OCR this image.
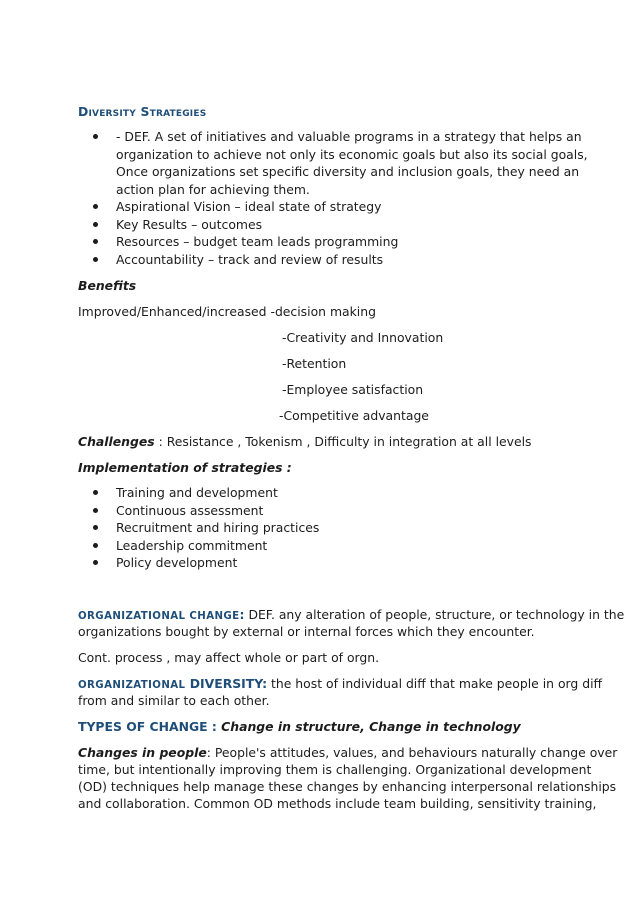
Diversity Strategies
- DEF. A set of initiatives and valuable programs in a strategy that helps an
organization to achieve not only its economic goals but also its social goals,
Once organizations set specific diversity and inclusion goals, they need an
action plan for achieving them.
Aspirational Vision – ideal state of strategy
Key Results – outcomes
Resources – budget team leads programming
Accountability – track and review of results
Benefits
Improved/Enhanced/increased -decision making
-Creativity and Innovation
-Retention
-Employee satisfaction
-Competitive advantage
Challenges : Resistance , Tokenism , Difficulty in integration at all levels
Implementation of strategies :
Training and development
Continuous assessment
Recruitment and hiring practices
Leadership commitment
Policy development
ORGANIZATIONAL CHANGE: DEF. any alteration of people, structure, or technology in the
organizations bought by external or internal forces which they encounter.
Cont. process , may affect whole or part of orgn.
ORGANIZATIONAL DIVERSITY: the host of individual diff that make people in org diff
from and similar to each other.
TYPES OF CHANGE : Change in structure, Change in technology
Changes in people: People's attitudes, values, and behaviours naturally change over
time, but intentionally improving them is challenging. Organizational development
(OD) techniques help manage these changes by enhancing interpersonal relationships
and collaboration. Common OD methods include team building, sensitivity training,
